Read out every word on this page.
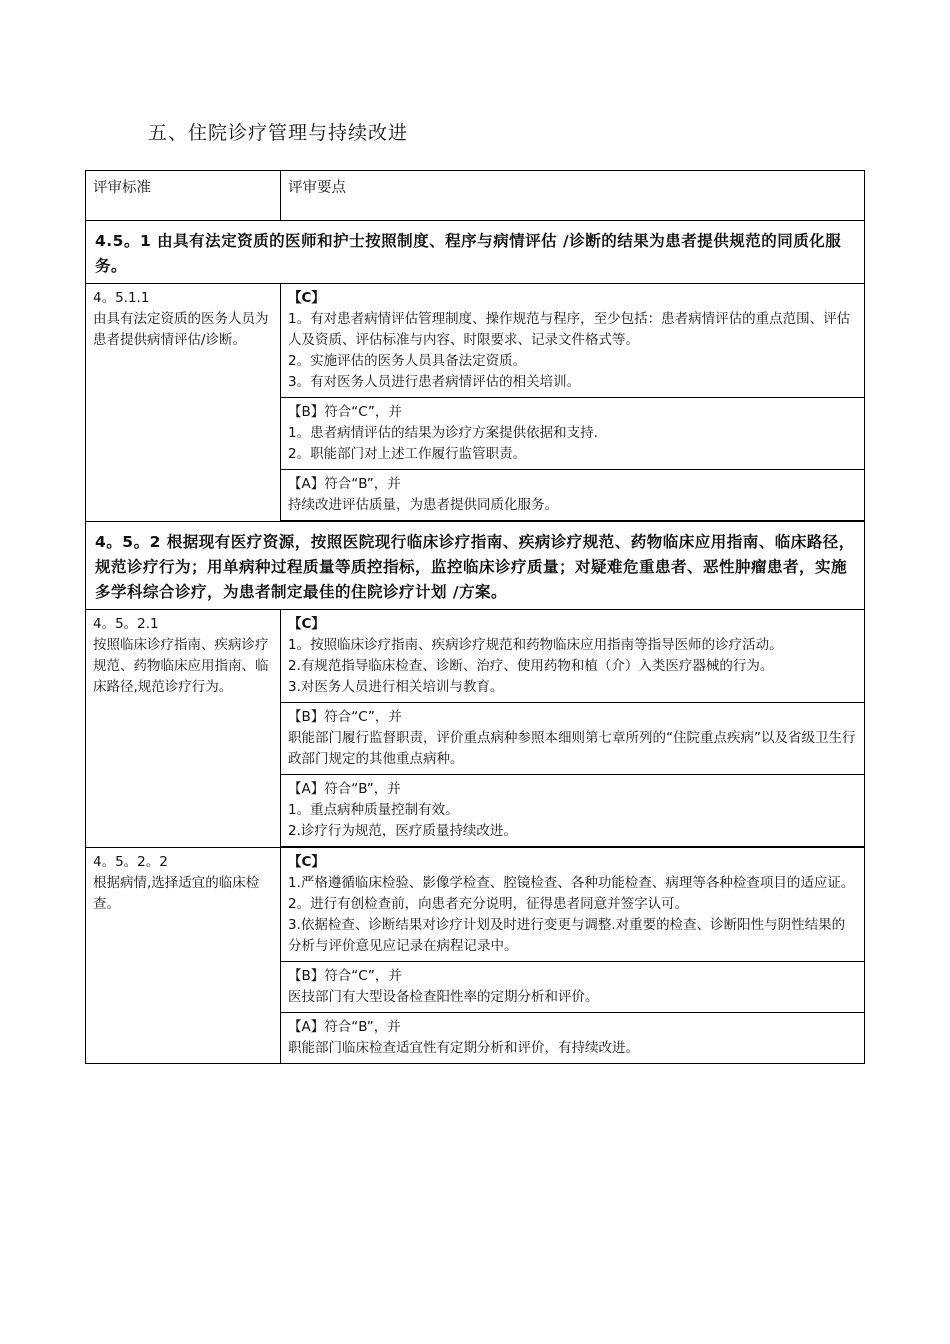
五、住院诊疗管理与持续改进
评审标准	评审要点
4.5。1 由具有法定资质的医师和护士按照制度、程序与病情评估 /诊断的结果为患者提供规范的同质化服务。	

4。5.1.1
由具有法定资质的医务人员为患者提供病情评估/诊断。	【C】
1。有对患者病情评估管理制度、操作规范与程序，至少包括：患者病情评估的重点范围、评估人及资质、评估标准与内容、时限要求、记录文件格式等。
2。实施评估的医务人员具备法定资质。
3。有对医务人员进行患者病情评估的相关培训。

	【B】符合“C”，并
1。患者病情评估的结果为诊疗方案提供依据和支持.
2。职能部门对上述工作履行监管职责。

	【A】符合“B”，并
持续改进评估质量，为患者提供同质化服务。

4。5。2 根据现有医疗资源，按照医院现行临床诊疗指南、疾病诊疗规范、药物临床应用指南、临床路径，规范诊疗行为；用单病种过程质量等质控指标，监控临床诊疗质量；对疑难危重患者、恶性肿瘤患者，实施多学科综合诊疗，为患者制定最佳的住院诊疗计划 /方案。	

4。5。2.1
按照临床诊疗指南、疾病诊疗规范、药物临床应用指南、临床路径,规范诊疗行为。	【C】
1。按照临床诊疗指南、疾病诊疗规范和药物临床应用指南等指导医师的诊疗活动。
2.有规范指导临床检查、诊断、治疗、使用药物和植（介）入类医疗器械的行为。
3.对医务人员进行相关培训与教育。

	【B】符合“C”，并
职能部门履行监督职责，评价重点病种参照本细则第七章所列的“住院重点疾病”以及省级卫生行政部门规定的其他重点病种。

	【A】符合“B”，并
1。重点病种质量控制有效。
2.诊疗行为规范，医疗质量持续改进。

4。5。2。2
根据病情,选择适宜的临床检查。	【C】
1.严格遵循临床检验、影像学检查、腔镜检查、各种功能检查、病理等各种检查项目的适应证。
2。进行有创检查前，向患者充分说明，征得患者同意并签字认可。
3.依据检查、诊断结果对诊疗计划及时进行变更与调整.对重要的检查、诊断阳性与阴性结果的分析与评价意见应记录在病程记录中。

	【B】符合“C”，并
医技部门有大型设备检查阳性率的定期分析和评价。

	【A】符合“B”，并
职能部门临床检查适宜性有定期分析和评价，有持续改进。
